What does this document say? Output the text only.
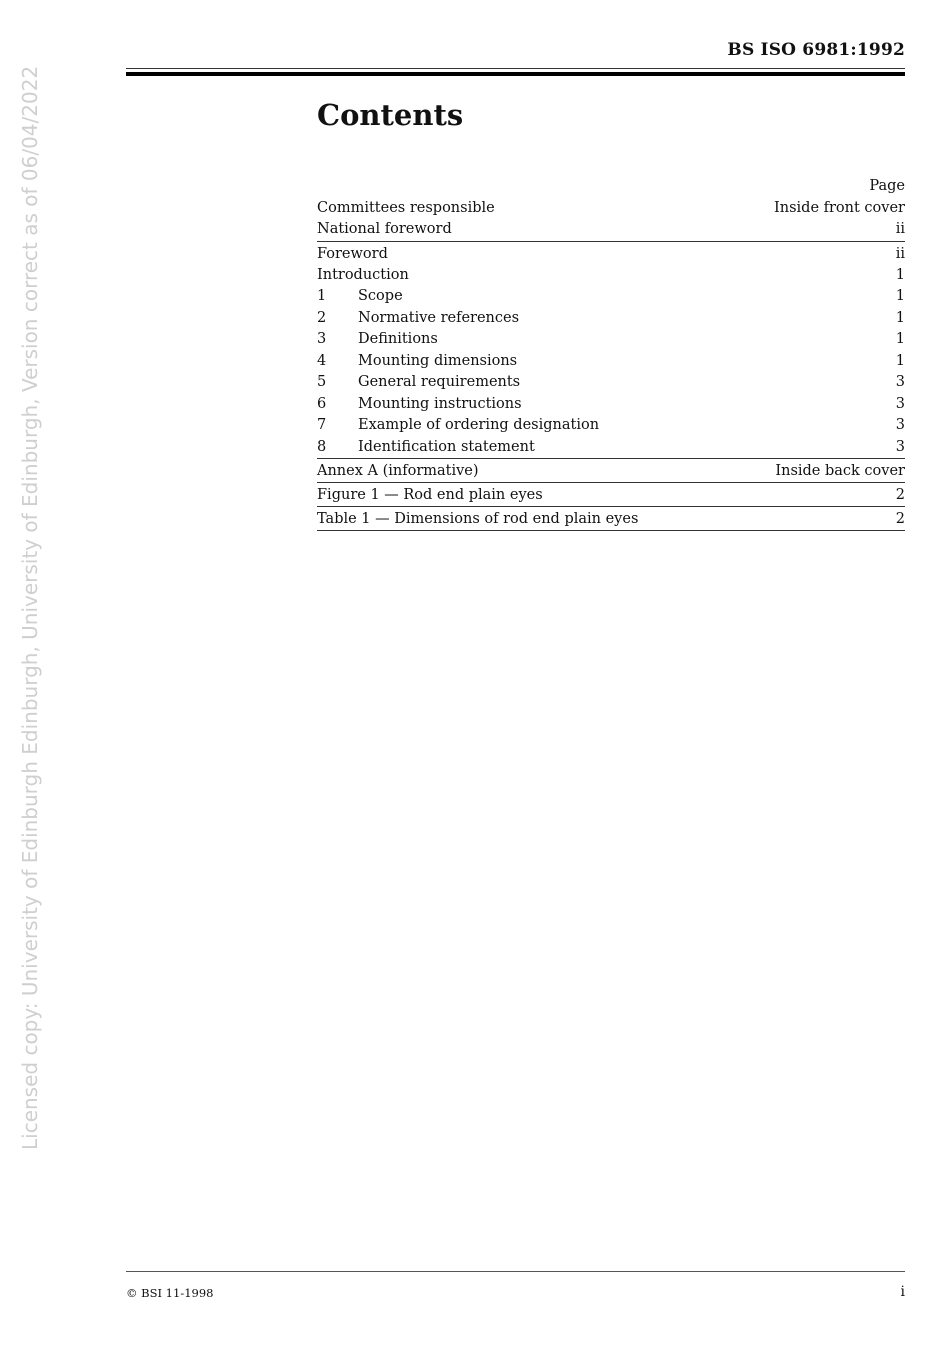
BS ISO 6981:1992
Contents
Page
Committees responsible	Inside front cover
National foreword	ii
Foreword	ii
Introduction	1
1	Scope	1
2	Normative references	1
3	Definitions	1
4	Mounting dimensions	1
5	General requirements	3
6	Mounting instructions	3
7	Example of ordering designation	3
8	Identification statement	3
Annex A (informative)	Inside back cover
Figure 1 — Rod end plain eyes	2
Table 1 — Dimensions of rod end plain eyes	2
Licensed copy: University of Edinburgh Edinburgh, University of Edinburgh, Version correct as of 06/04/2022
© BSI 11-1998	i
